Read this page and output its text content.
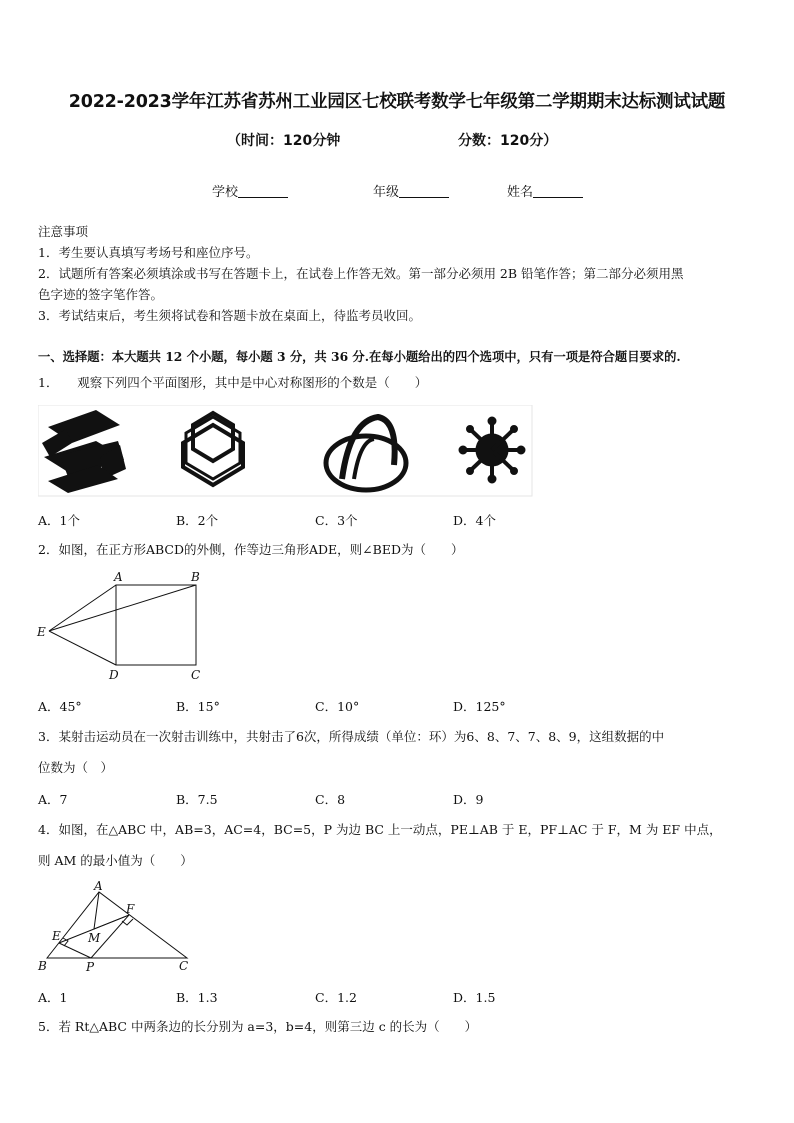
2022-2023学年江苏省苏州工业园区七校联考数学七年级第二学期期末达标测试试题
（时间：120分钟	分数：120分）
学校	年级	姓名
注意事项
1．考生要认真填写考场号和座位序号。
2．试题所有答案必须填涂或书写在答题卡上，在试卷上作答无效。第一部分必须用 2B 铅笔作答；第二部分必须用黑
色字迹的签字笔作答。
3．考试结束后，考生须将试卷和答题卡放在桌面上，待监考员收回。
一、选择题：本大题共 12 个小题，每小题 3 分，共 36 分.在每小题给出的四个选项中，只有一项是符合题目要求的.
1．　　观察下列四个平面图形，其中是中心对称图形的个数是（　　）
A．1个	B．2个	C．3个	D．4个
2．如图，在正方形ABCD的外侧，作等边三角形ADE，则∠BED为（　　）
A	B
C
D
E
A．45°	B．15°	C．10°	D．125°
3．某射击运动员在一次射击训练中，共射击了6次，所得成绩（单位：环）为6、8、7、7、8、9，这组数据的中
位数为（　）
A．7	B．7.5	C．8	D．9
4．如图，在△ABC 中，AB=3，AC=4，BC=5，P 为边 BC 上一动点，PE⊥AB 于 E，PF⊥AC 于 F，M 为 EF 中点，
则 AM 的最小值为（　　）
A
B	C
E
F
M
P
A．1	B．1.3	C．1.2	D．1.5
5．若 Rt△ABC 中两条边的长分别为 a=3，b=4，则第三边 c 的长为（　　）
